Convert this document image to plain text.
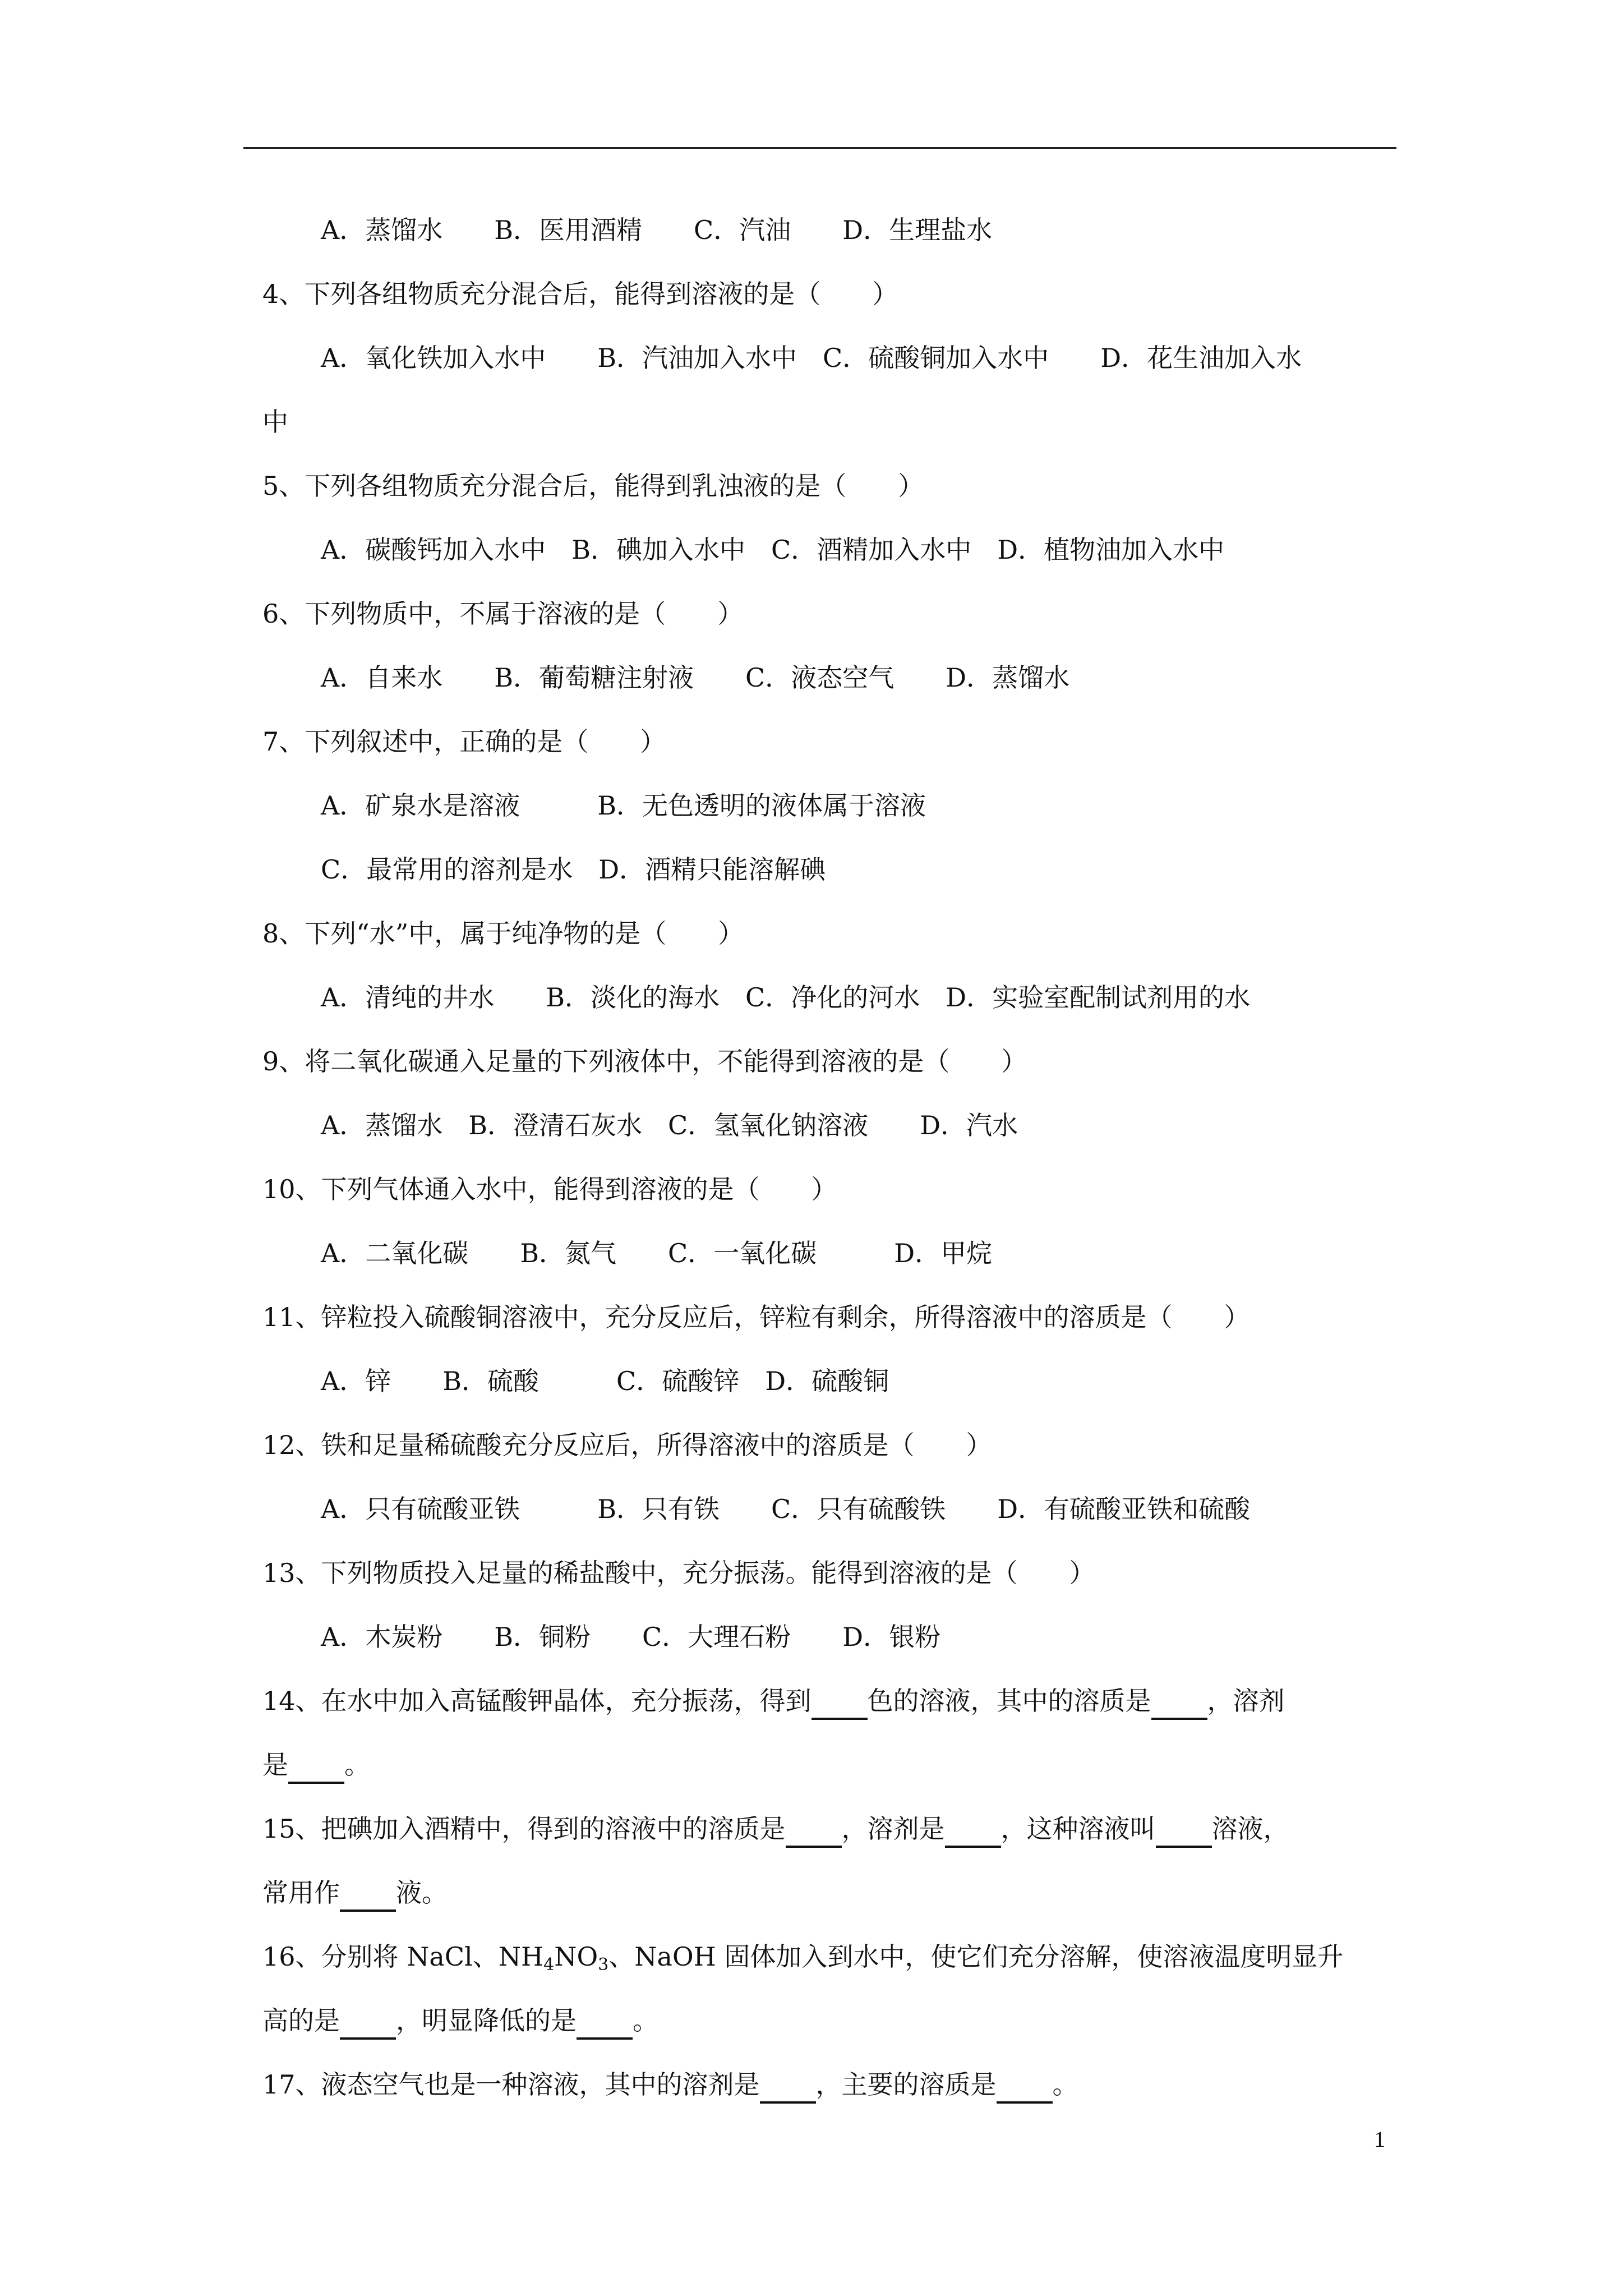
A．蒸馏水　　B．医用酒精　　C．汽油　　D．生理盐水
4、下列各组物质充分混合后，能得到溶液的是（　　）
A．氧化铁加入水中　　B．汽油加入水中　C．硫酸铜加入水中　　D．花生油加入水
中
5、下列各组物质充分混合后，能得到乳浊液的是（　　）
A．碳酸钙加入水中　B．碘加入水中　C．酒精加入水中　D．植物油加入水中
6、下列物质中，不属于溶液的是（　　）
A．自来水　　B．葡萄糖注射液　　C．液态空气　　D．蒸馏水
7、下列叙述中，正确的是（　　）
A．矿泉水是溶液　　　B．无色透明的液体属于溶液
C．最常用的溶剂是水　D．酒精只能溶解碘
8、下列“水”中，属于纯净物的是（　　）
A．清纯的井水　　B．淡化的海水　C．净化的河水　D．实验室配制试剂用的水
9、将二氧化碳通入足量的下列液体中，不能得到溶液的是（　　）
A．蒸馏水　B．澄清石灰水　C．氢氧化钠溶液　　D．汽水
10、下列气体通入水中，能得到溶液的是（　　）
A．二氧化碳　　B．氮气　　C．一氧化碳　　　D．甲烷
11、锌粒投入硫酸铜溶液中，充分反应后，锌粒有剩余，所得溶液中的溶质是（　　）
A．锌　　B．硫酸　　　C．硫酸锌　D．硫酸铜
12、铁和足量稀硫酸充分反应后，所得溶液中的溶质是（　　）
A．只有硫酸亚铁　　　B．只有铁　　C．只有硫酸铁　　D．有硫酸亚铁和硫酸
13、下列物质投入足量的稀盐酸中，充分振荡。能得到溶液的是（　　）
A．木炭粉　　B．铜粉　　C．大理石粉　　D．银粉
14、在水中加入高锰酸钾晶体，充分振荡，得到 色的溶液，其中的溶质是 ，溶剂
是 。
15、把碘加入酒精中，得到的溶液中的溶质是 ，溶剂是 ，这种溶液叫 溶液，
常用作 液。
16、分别将 NaCl、$NH_4NO_3$、NaOH 固体加入到水中，使它们充分溶解，使溶液温度明显升
高的是 ，明显降低的是 。
17、液态空气也是一种溶液，其中的溶剂是 ，主要的溶质是 。
1
